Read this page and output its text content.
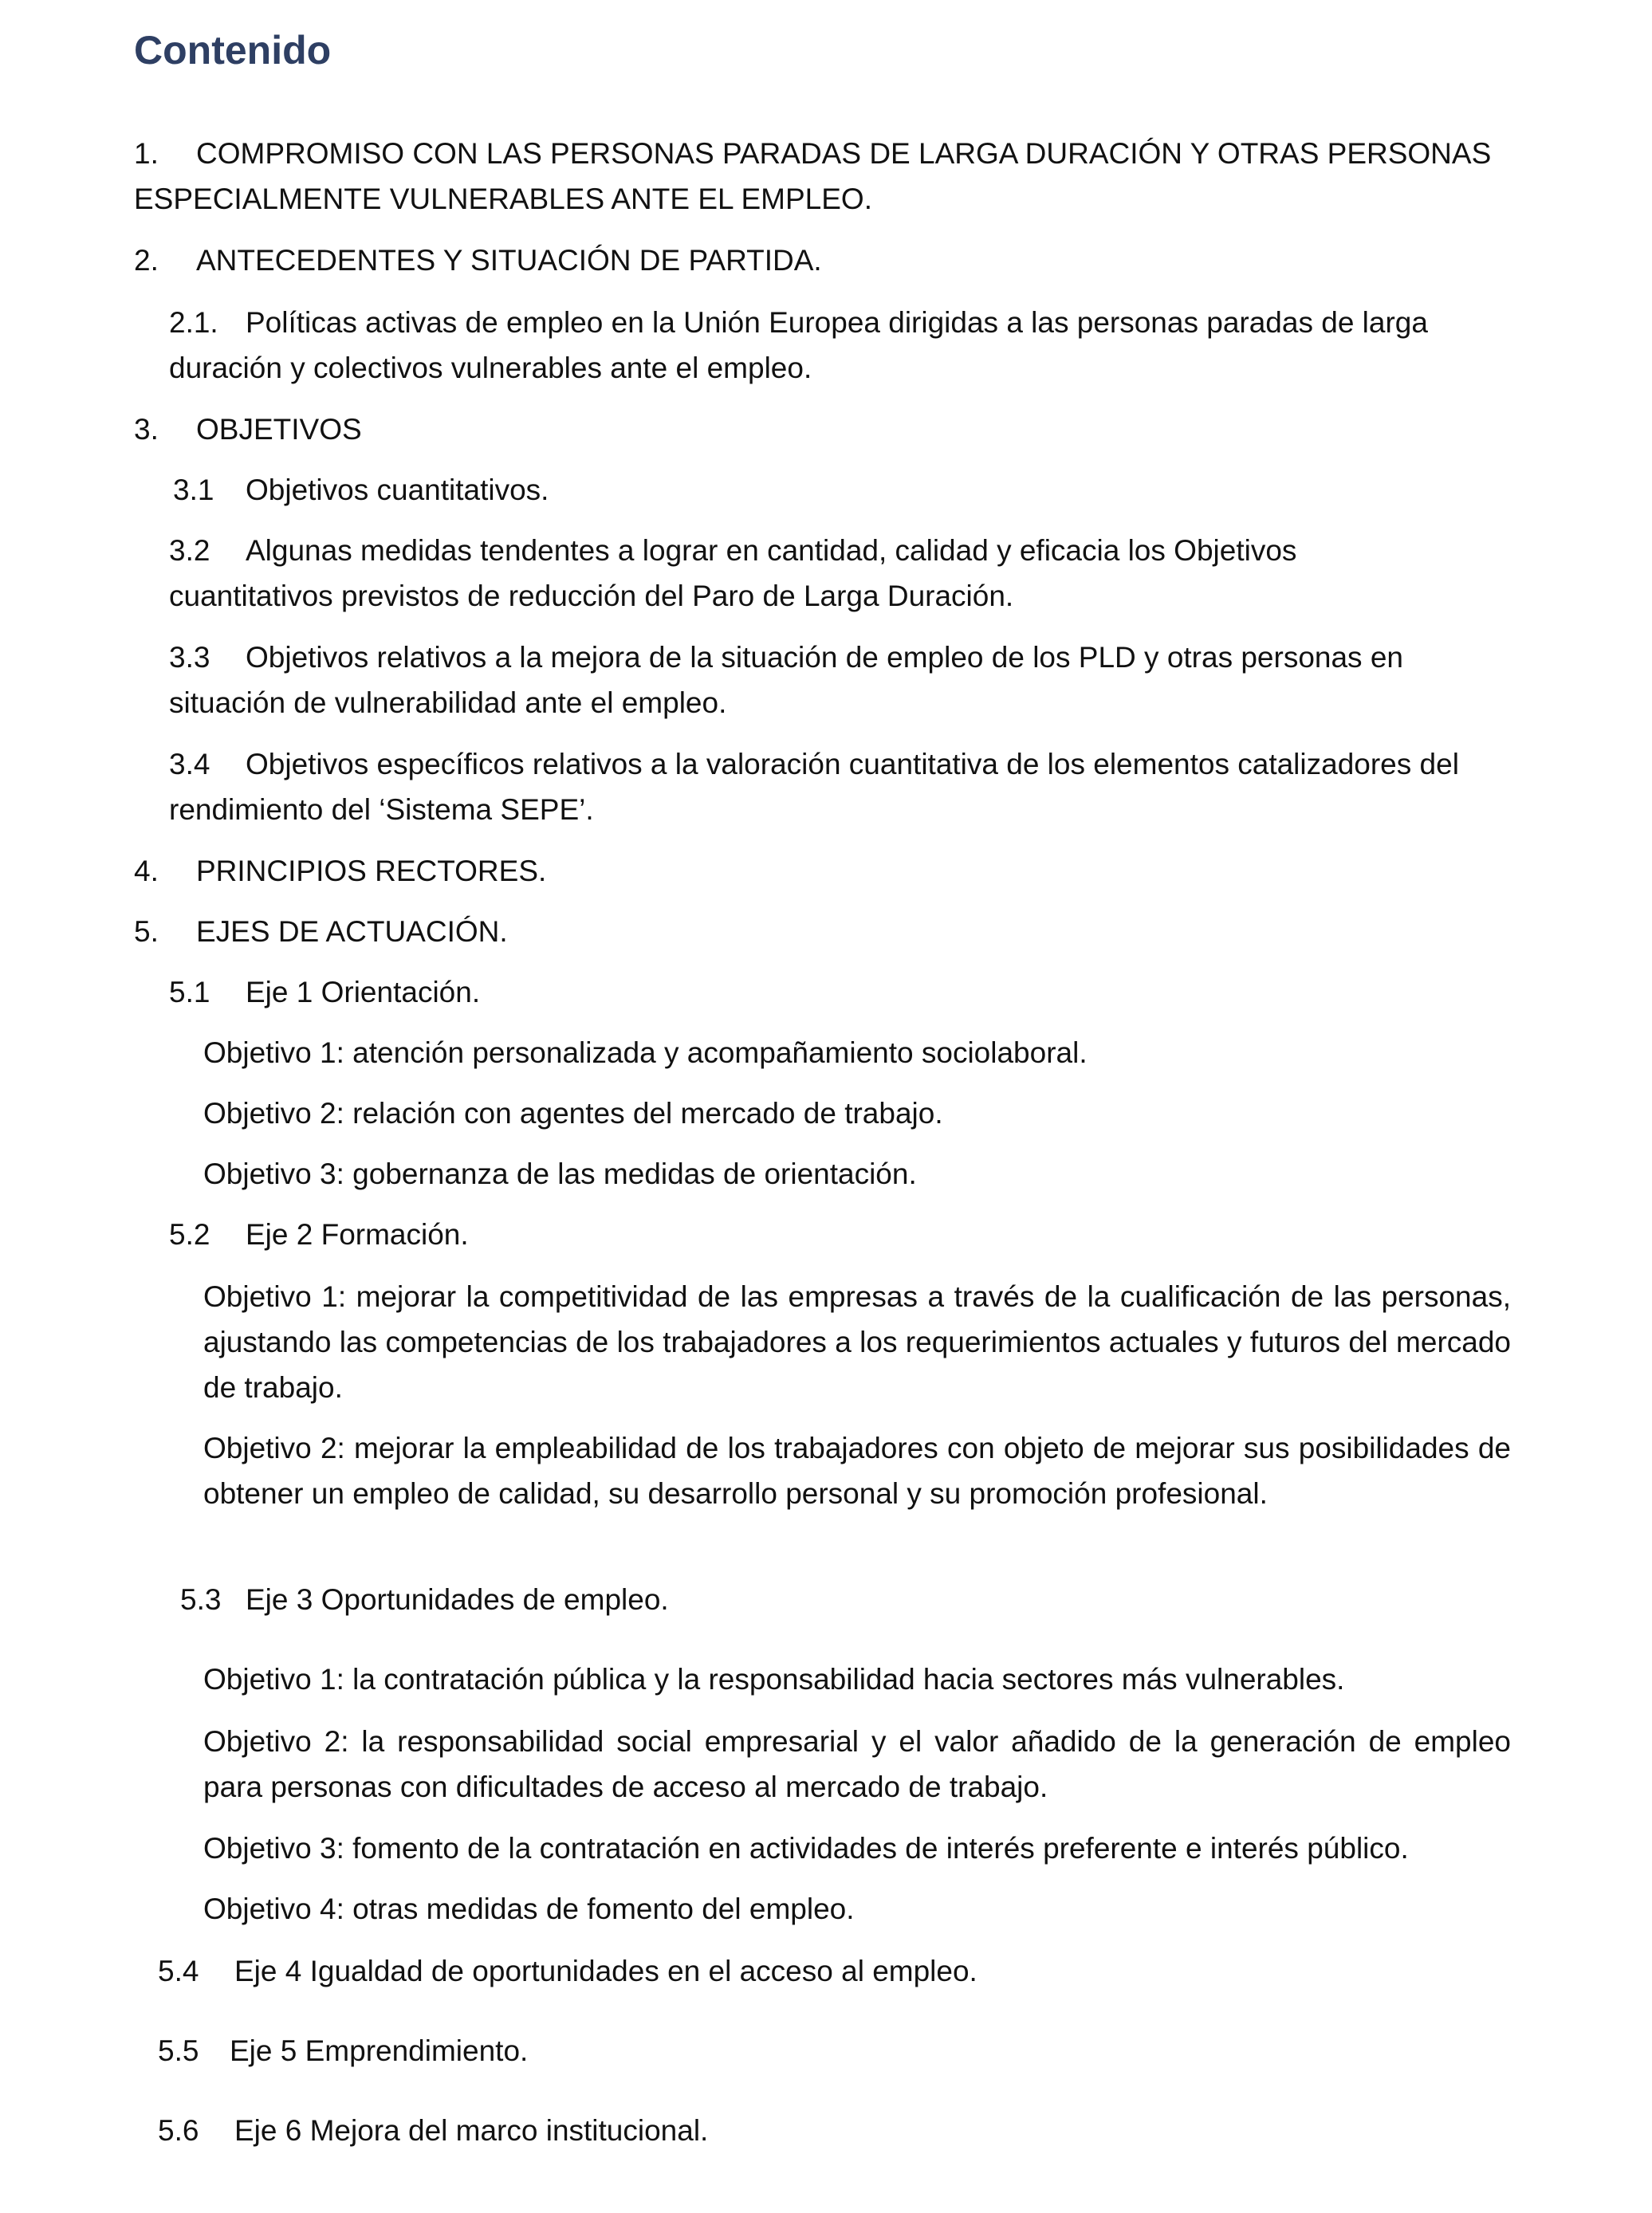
Contenido
1. COMPROMISO CON LAS PERSONAS PARADAS DE LARGA DURACIÓN Y OTRAS PERSONAS ESPECIALMENTE VULNERABLES ANTE EL EMPLEO.
2. ANTECEDENTES Y SITUACIÓN DE PARTIDA.
2.1. Políticas activas de empleo en la Unión Europea dirigidas a las personas paradas de larga duración y colectivos vulnerables ante el empleo.
3. OBJETIVOS
3.1 Objetivos cuantitativos.
3.2 Algunas medidas tendentes a lograr en cantidad, calidad y eficacia los Objetivos cuantitativos previstos de reducción del Paro de Larga Duración.
3.3 Objetivos relativos a la mejora de la situación de empleo de los PLD y otras personas en situación de vulnerabilidad ante el empleo.
3.4 Objetivos específicos relativos a la valoración cuantitativa de los elementos catalizadores del rendimiento del ‘Sistema SEPE’.
4. PRINCIPIOS RECTORES.
5. EJES DE ACTUACIÓN.
5.1 Eje 1 Orientación.
Objetivo 1: atención personalizada y acompañamiento sociolaboral.
Objetivo 2: relación con agentes del mercado de trabajo.
Objetivo 3: gobernanza de las medidas de orientación.
5.2 Eje 2 Formación.
Objetivo 1: mejorar la competitividad de las empresas a través de la cualificación de las personas, ajustando las competencias de los trabajadores a los requerimientos actuales y futuros del mercado de trabajo.
Objetivo 2: mejorar la empleabilidad de los trabajadores con objeto de mejorar sus posibilidades de obtener un empleo de calidad, su desarrollo personal y su promoción profesional.
5.3 Eje 3 Oportunidades de empleo.
Objetivo 1: la contratación pública y la responsabilidad hacia sectores más vulnerables.
Objetivo 2: la responsabilidad social empresarial y el valor añadido de la generación de empleo para personas con dificultades de acceso al mercado de trabajo.
Objetivo 3: fomento de la contratación en actividades de interés preferente e interés público.
Objetivo 4: otras medidas de fomento del empleo.
5.4 Eje 4 Igualdad de oportunidades en el acceso al empleo.
5.5 Eje 5 Emprendimiento.
5.6 Eje 6 Mejora del marco institucional.
